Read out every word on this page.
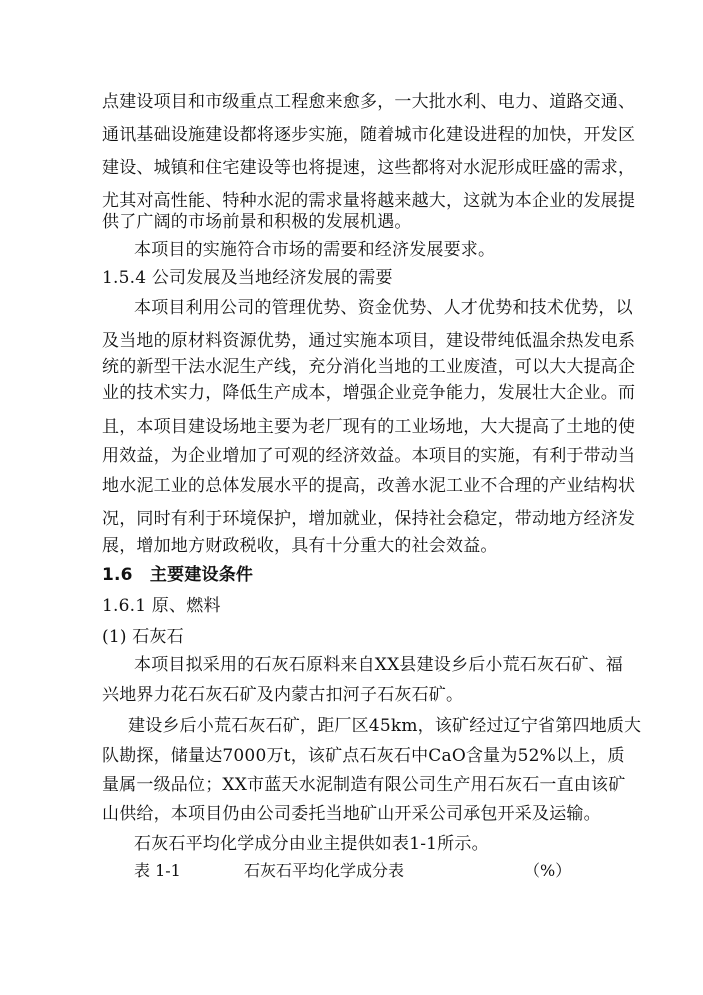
点建设项目和市级重点工程愈来愈多，一大批水利、电力、道路交通、
通讯基础设施建设都将逐步实施，随着城市化建设进程的加快，开发区
建设、城镇和住宅建设等也将提速，这些都将对水泥形成旺盛的需求，
尤其对高性能、特种水泥的需求量将越来越大，这就为本企业的发展提
供了广阔的市场前景和积极的发展机遇。
本项目的实施符合市场的需要和经济发展要求。
1.5.4 公司发展及当地经济发展的需要
本项目利用公司的管理优势、资金优势、人才优势和技术优势，以
及当地的原材料资源优势，通过实施本项目，建设带纯低温余热发电系
统的新型干法水泥生产线，充分消化当地的工业废渣，可以大大提高企
业的技术实力，降低生产成本，增强企业竞争能力，发展壮大企业。而
且，本项目建设场地主要为老厂现有的工业场地，大大提高了土地的使
用效益，为企业增加了可观的经济效益。本项目的实施，有利于带动当
地水泥工业的总体发展水平的提高，改善水泥工业不合理的产业结构状
况，同时有利于环境保护，增加就业，保持社会稳定，带动地方经济发
展，增加地方财政税收，具有十分重大的社会效益。
1.6　主要建设条件
1.6.1 原、燃料
(1) 石灰石
本项目拟采用的石灰石原料来自XX县建设乡后小荒石灰石矿、福
兴地界力花石灰石矿及内蒙古扣河子石灰石矿。
建设乡后小荒石灰石矿，距厂区45km，该矿经过辽宁省第四地质大
队勘探，储量达7000万t，该矿点石灰石中CaO含量为52%以上，质
量属一级品位；XX市蓝天水泥制造有限公司生产用石灰石一直由该矿
山供给，本项目仍由公司委托当地矿山开采公司承包开采及运输。
石灰石平均化学成分由业主提供如表1-1所示。
表 1-1	石灰石平均化学成分表	（%）
